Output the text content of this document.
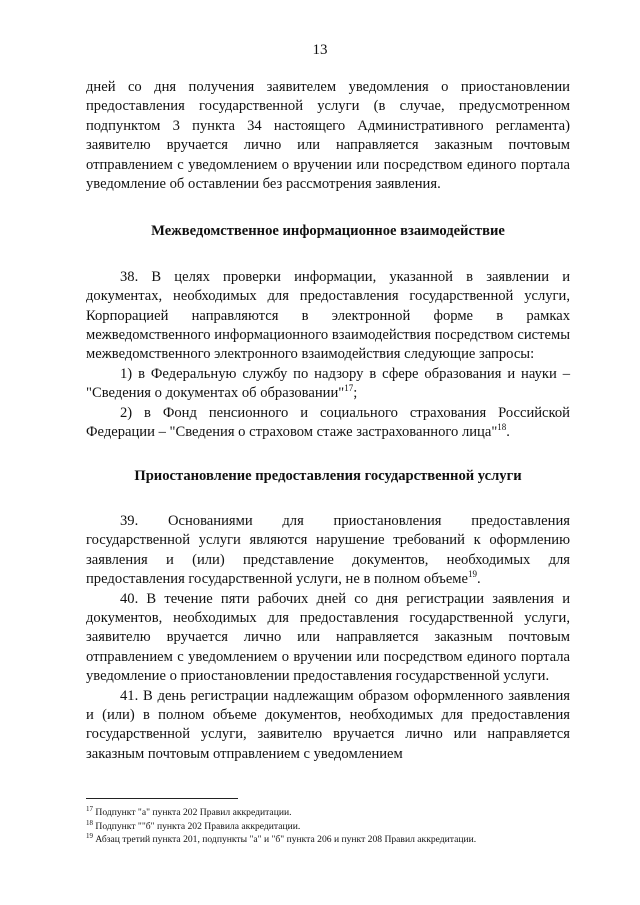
13

дней со дня получения заявителем уведомления о приостановлении предоставления государственной услуги (в случае, предусмотренном подпунктом 3 пункта 34 настоящего Административного регламента) заявителю вручается лично или направляется заказным почтовым отправлением с уведомлением о вручении или посредством единого портала уведомление об оставлении без рассмотрения заявления.

Межведомственное информационное взаимодействие

38. В целях проверки информации, указанной в заявлении и документах, необходимых для предоставления государственной услуги, Корпорацией направляются в электронной форме в рамках межведомственного информационного взаимодействия посредством системы межведомственного электронного взаимодействия следующие запросы:

1) в Федеральную службу по надзору в сфере образования и науки – "Сведения о документах об образовании"$^{17}$;

2) в Фонд пенсионного и социального страхования Российской Федерации – "Сведения о страховом стаже застрахованного лица"$^{18}$.

Приостановление предоставления государственной услуги

39. Основаниями для приостановления предоставления государственной услуги являются нарушение требований к оформлению заявления и (или) представление документов, необходимых для предоставления государственной услуги, не в полном объеме$^{19}$.

40. В течение пяти рабочих дней со дня регистрации заявления и документов, необходимых для предоставления государственной услуги, заявителю вручается лично или направляется заказным почтовым отправлением с уведомлением о вручении или посредством единого портала уведомление о приостановлении предоставления государственной услуги.

41. В день регистрации надлежащим образом оформленного заявления и (или) в полном объеме документов, необходимых для предоставления государственной услуги, заявителю вручается лично или направляется заказным почтовым отправлением с уведомлением

$^{17}$ Подпункт "а" пункта 202 Правил аккредитации.
$^{18}$ Подпункт ""б" пункта 202 Правила аккредитации.
$^{19}$ Абзац третий пункта 201, подпункты "а" и "б" пункта 206 и пункт 208 Правил аккредитации.
